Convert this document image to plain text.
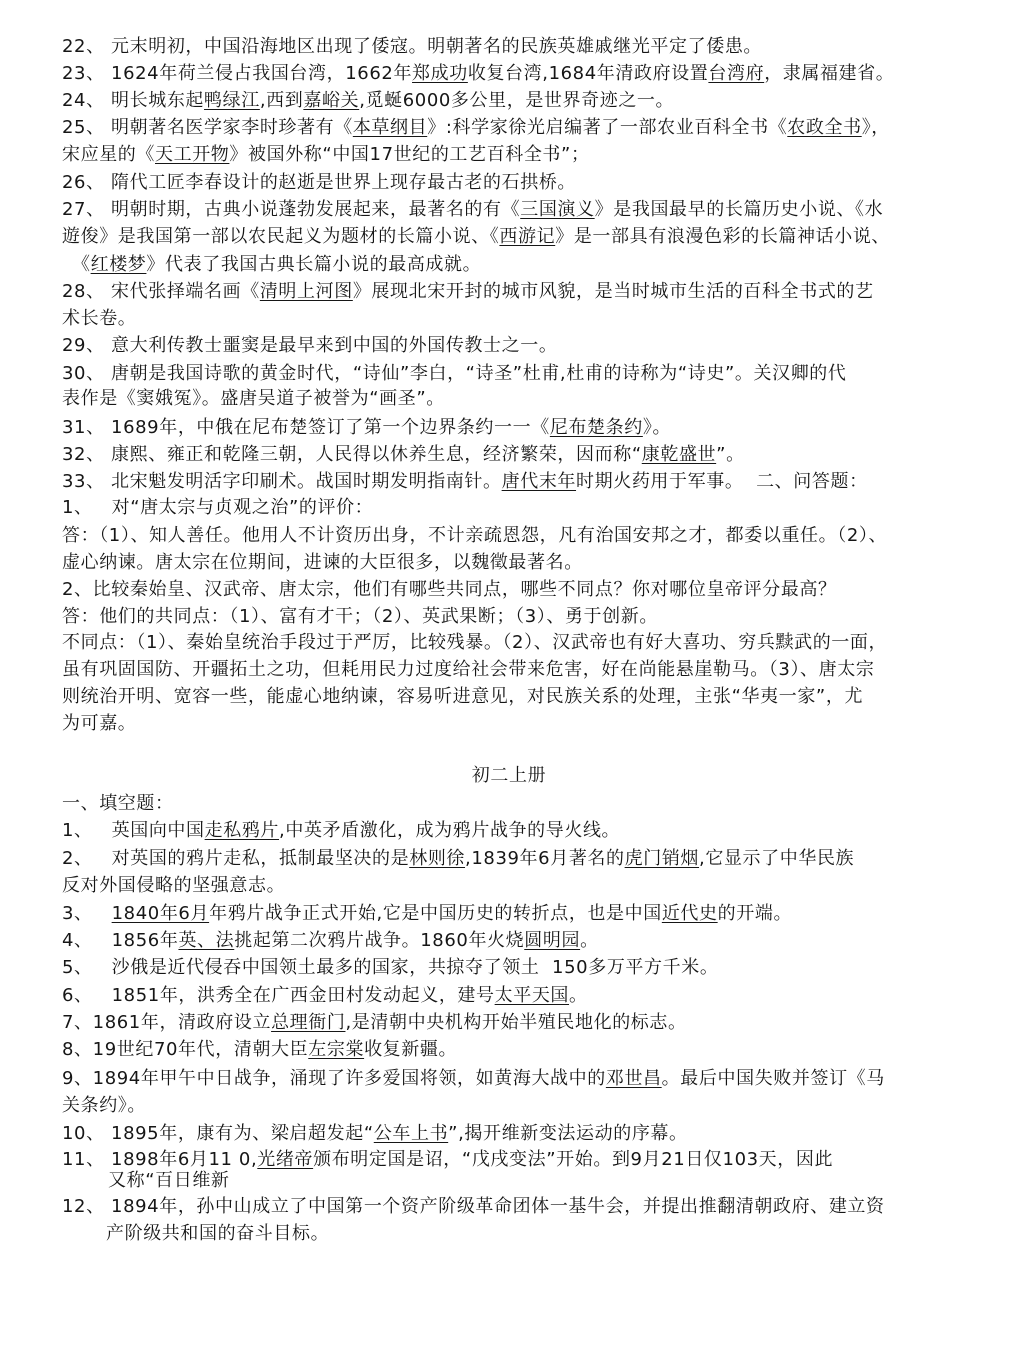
22、 元末明初，中国沿海地区出现了倭寇。明朝著名的民族英雄戚继光平定了倭患。
23、 1624年荷兰侵占我国台湾，1662年郑成功收复台湾,1684年清政府设置台湾府，隶属福建省。
24、 明长城东起鸭绿江,西到嘉峪关,觅蜒6000多公里，是世界奇迹之一。
25、 明朝著名医学家李时珍著有《本草纲目》:科学家徐光启编著了一部农业百科全书《农政全书》，
宋应星的《天工开物》被国外称“中国17世纪的工艺百科全书”；
26、 隋代工匠李春设计的赵逝是世界上现存最古老的石拱桥。
27、 明朝时期，古典小说蓬勃发展起来，最著名的有《三国演义》是我国最早的长篇历史小说、《水
遊俊》是我国第一部以农民起义为题材的长篇小说、《西游记》是一部具有浪漫色彩的长篇神话小说、
《红楼梦》代表了我国古典长篇小说的最高成就。
28、 宋代张择端名画《清明上河图》展现北宋开封的城市风貌，是当时城市生活的百科全书式的艺
术长卷。
29、 意大利传教士噩窦是最早来到中国的外国传教士之一。
30、 唐朝是我国诗歌的黄金时代，“诗仙”李白，“诗圣”杜甫,杜甫的诗称为“诗史”。关汉卿的代
表作是《窦娥冤》。盛唐吴道子被誉为“画圣”。
31、 1689年，中俄在尼布楚签订了第一个边界条约一一《尼布楚条约》。
32、 康熙、雍正和乾隆三朝，人民得以休养生息，经济繁荣，因而称“康乾盛世”。
33、 北宋魁发明活字印刷术。战国时期发明指南针。唐代末年时期火药用于军事。  二、问答题：
1、   对“唐太宗与贞观之治”的评价：
答：（1）、知人善任。他用人不计资历出身，不计亲疏恩怨，凡有治国安邦之才，都委以重任。（2）、
虚心纳谏。唐太宗在位期间，进谏的大臣很多，以魏徵最著名。
2、比较秦始皇、汉武帝、唐太宗，他们有哪些共同点，哪些不同点？你对哪位皇帝评分最高？
答：他们的共同点：（1）、富有才干；（2）、英武果断；（3）、勇于创新。
不同点：（1）、秦始皇统治手段过于严厉，比较残暴。（2）、汉武帝也有好大喜功、穷兵黩武的一面，
虽有巩固国防、开疆拓土之功，但耗用民力过度给社会带来危害，好在尚能悬崖勒马。（3）、唐太宗
则统治开明、宽容一些，能虚心地纳谏，容易听进意见，对民族关系的处理，主张“华夷一家”，尤
为可嘉。
初二上册
一、填空题：
1、   英国向中国走私鸦片,中英矛盾激化，成为鸦片战争的导火线。
2、   对英国的鸦片走私，抵制最坚决的是林则徐,1839年6月著名的虎门销烟,它显示了中华民族
反对外国侵略的坚强意志。
3、   1840年6月年鸦片战争正式开始,它是中国历史的转折点，也是中国近代史的开端。
4、   1856年英、法挑起第二次鸦片战争。1860年火烧圆明园。
5、   沙俄是近代侵吞中国领土最多的国家，共掠夺了领土  150多万平方千米。
6、   1851年，洪秀全在广西金田村发动起义，建号太平天国。
7、1861年，清政府设立总理衙门,是清朝中央机构开始半殖民地化的标志。
8、19世纪70年代，清朝大臣左宗棠收复新疆。
9、1894年甲午中日战争，涌现了许多爱国将领，如黄海大战中的邓世昌。最后中国失败并签订《马
关条约》。
10、 1895年，康有为、梁启超发起“公车上书”,揭开维新变法运动的序幕。
11、 1898年6月11 0,光绪帝颁布明定国是诏，“戊戌变法”开始。到9月21日仅103天，因此
又称“百日维新
12、 1894年，孙中山成立了中国第一个资产阶级革命团体一基牛会，并提出推翻清朝政府、建立资
产阶级共和国的奋斗目标。
